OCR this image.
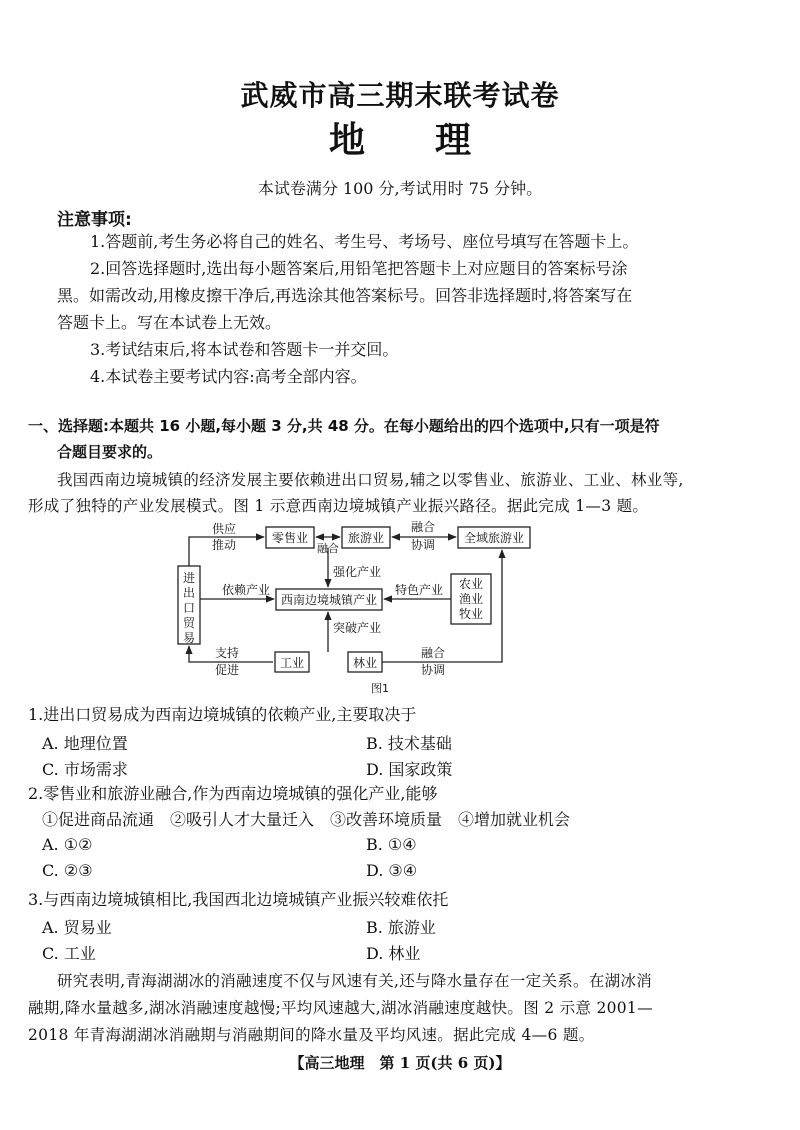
武威市高三期末联考试卷
地 理
本试卷满分 100 分,考试用时 75 分钟。
注意事项:
1.答题前,考生务必将自己的姓名、考生号、考场号、座位号填写在答题卡上。
2.回答选择题时,选出每小题答案后,用铅笔把答题卡上对应题目的答案标号涂
黑。如需改动,用橡皮擦干净后,再选涂其他答案标号。回答非选择题时,将答案写在
答题卡上。写在本试卷上无效。
3.考试结束后,将本试卷和答题卡一并交回。
4.本试卷主要考试内容:高考全部内容。
一、选择题:本题共 16 小题,每小题 3 分,共 48 分。在每小题给出的四个选项中,只有一项是符
合题目要求的。
我国西南边境城镇的经济发展主要依赖进出口贸易,辅之以零售业、旅游业、工业、林业等,
形成了独特的产业发展模式。图 1 示意西南边境城镇产业振兴路径。据此完成 1—3 题。
零售业	旅游业	全域旅游业
进
出
口
贸
易
西南边境城镇产业
农业
渔业
牧业
工业	林业
供应
推动	融合
融合
协调
强化产业
依赖产业	特色产业
突破产业
支持
促进
融合
协调
图1
1.进出口贸易成为西南边境城镇的依赖产业,主要取决于
A. 地理位置	B. 技术基础
C. 市场需求	D. 国家政策
2.零售业和旅游业融合,作为西南边境城镇的强化产业,能够
①促进商品流通　②吸引人才大量迁入　③改善环境质量　④增加就业机会
A. ①②	B. ①④
C. ②③	D. ③④
3.与西南边境城镇相比,我国西北边境城镇产业振兴较难依托
A. 贸易业	B. 旅游业
C. 工业	D. 林业
研究表明,青海湖湖冰的消融速度不仅与风速有关,还与降水量存在一定关系。在湖冰消
融期,降水量越多,湖冰消融速度越慢;平均风速越大,湖冰消融速度越快。图 2 示意 2001—
2018 年青海湖湖冰消融期与消融期间的降水量及平均风速。据此完成 4—6 题。
【高三地理　第 1 页(共 6 页)】
